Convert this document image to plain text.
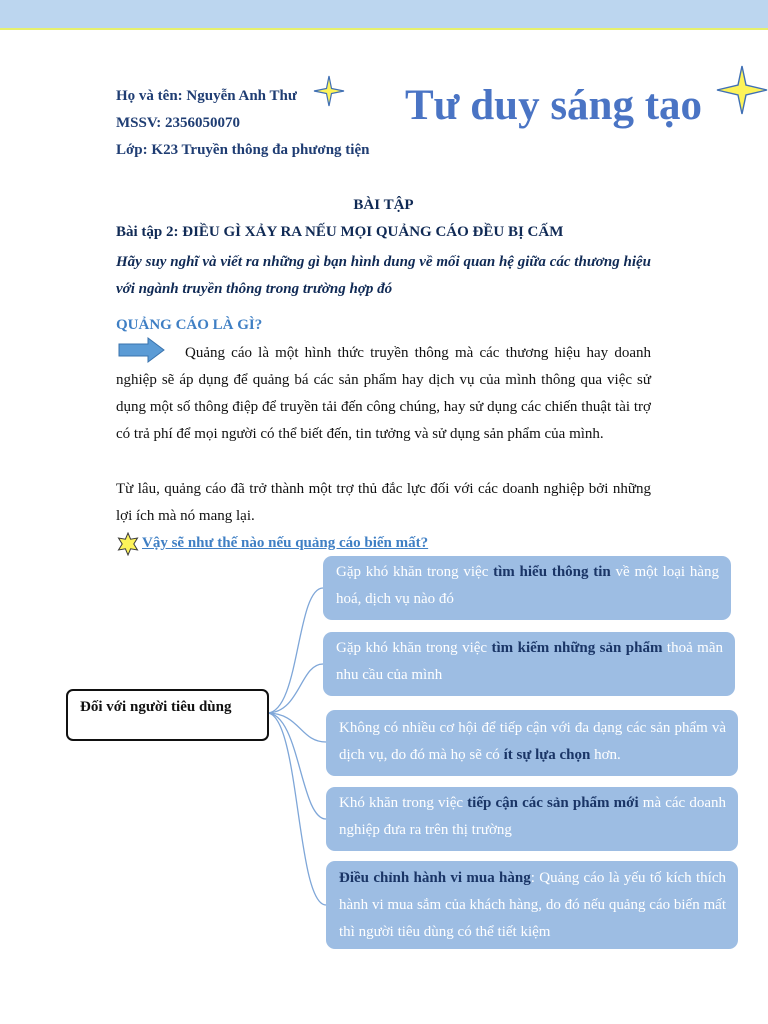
Họ và tên: Nguyễn Anh Thư
MSSV: 2356050070
Lớp: K23 Truyền thông đa phương tiện
Tư duy sáng tạo
BÀI TẬP
Bài tập 2: ĐIỀU GÌ XẢY RA NẾU MỌI QUẢNG CÁO ĐỀU BỊ CẤM
Hãy suy nghĩ và viết ra những gì bạn hình dung về mối quan hệ giữa các thương hiệu với ngành truyền thông trong trường hợp đó
QUẢNG CÁO LÀ GÌ?
Quảng cáo là một hình thức truyền thông mà các thương hiệu hay doanh nghiệp sẽ áp dụng để quảng bá các sản phẩm hay dịch vụ của mình thông qua việc sử dụng một số thông điệp để truyền tải đến công chúng, hay sử dụng các chiến thuật tài trợ có trả phí để mọi người có thể biết đến, tin tưởng và sử dụng sản phẩm của mình.
Từ lâu, quảng cáo đã trở thành một trợ thủ đắc lực đối với các doanh nghiệp bởi những lợi ích mà nó mang lại.
Vậy sẽ như thế nào nếu quảng cáo biến mất?
Đối với người tiêu dùng
Gặp khó khăn trong việc tìm hiểu thông tin về một loại hàng hoá, dịch vụ nào đó
Gặp khó khăn trong việc tìm kiếm những sản phẩm thoả mãn nhu cầu của mình
Không có nhiều cơ hội để tiếp cận với đa dạng các sản phẩm và dịch vụ, do đó mà họ sẽ có ít sự lựa chọn hơn.
Khó khăn trong việc tiếp cận các sản phẩm mới mà các doanh nghiệp đưa ra trên thị trường
Điều chỉnh hành vi mua hàng: Quảng cáo là yếu tố kích thích hành vi mua sắm của khách hàng, do đó nếu quảng cáo biến mất thì người tiêu dùng có thể tiết kiệm
